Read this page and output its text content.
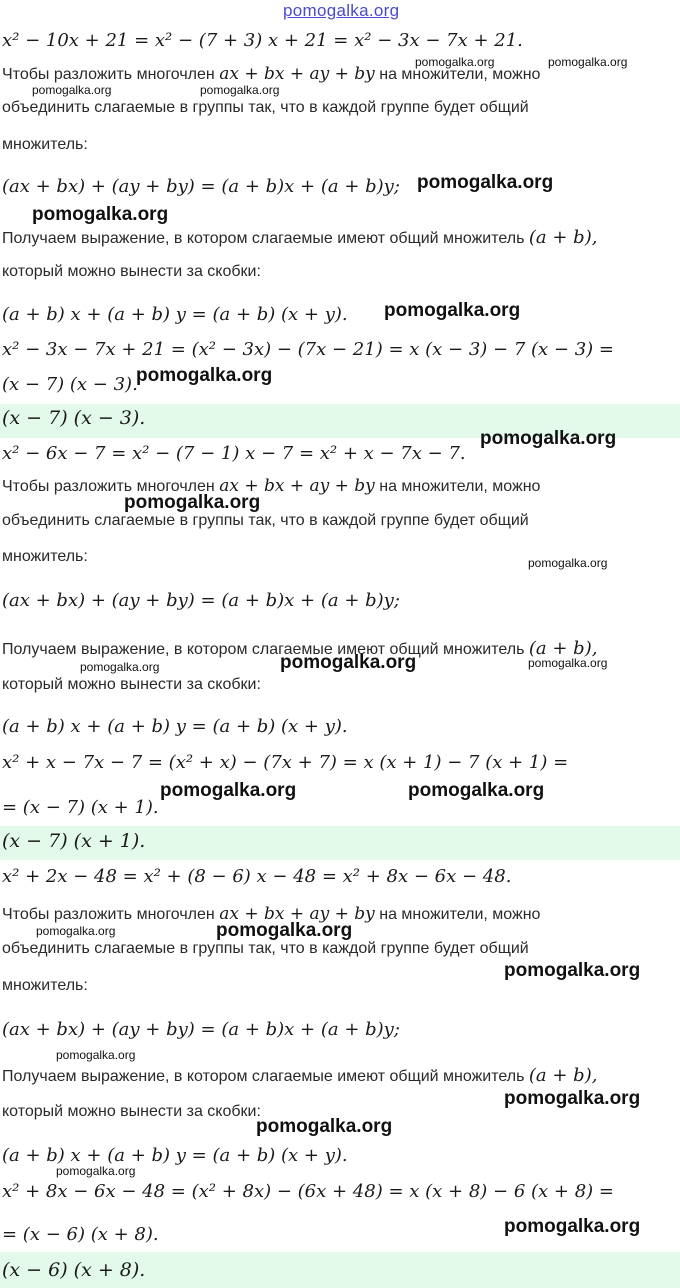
pomogalka.org
x² − 10x + 21 = x² − (7 + 3) x + 21 = x² − 3x − 7x + 21.
Чтобы разложить многочлен ax + bx + ay + by на множители, можно
объединить слагаемые в группы так, что в каждой группе будет общий
множитель:
(ax + bx) + (ay + by) = (a + b)x + (a + b)y;
Получаем выражение, в котором слагаемые имеют общий множитель (a + b),
который можно вынести за скобки:
(a + b) x + (a + b) y = (a + b) (x + y).
x² − 3x − 7x + 21 = (x² − 3x) − (7x − 21) = x (x − 3) − 7 (x − 3) =
(x − 7) (x − 3).
(x − 7) (x − 3).
x² − 6x − 7 = x² − (7 − 1) x − 7 = x² + x − 7x − 7.
Чтобы разложить многочлен ax + bx + ay + by на множители, можно
объединить слагаемые в группы так, что в каждой группе будет общий
множитель:
(ax + bx) + (ay + by) = (a + b)x + (a + b)y;
Получаем выражение, в котором слагаемые имеют общий множитель (a + b),
который можно вынести за скобки:
(a + b) x + (a + b) y = (a + b) (x + y).
x² + x − 7x − 7 = (x² + x) − (7x + 7) = x (x + 1) − 7 (x + 1) =
= (x − 7) (x + 1).
(x − 7) (x + 1).
x² + 2x − 48 = x² + (8 − 6) x − 48 = x² + 8x − 6x − 48.
Чтобы разложить многочлен ax + bx + ay + by на множители, можно
объединить слагаемые в группы так, что в каждой группе будет общий
множитель:
(ax + bx) + (ay + by) = (a + b)x + (a + b)y;
Получаем выражение, в котором слагаемые имеют общий множитель (a + b),
который можно вынести за скобки:
(a + b) x + (a + b) y = (a + b) (x + y).
x² + 8x − 6x − 48 = (x² + 8x) − (6x + 48) = x (x + 8) − 6 (x + 8) =
= (x − 6) (x + 8).
(x − 6) (x + 8).
pomogalka.org	pomogalka.org
pomogalka.org	pomogalka.org
pomogalka.org
pomogalka.org
pomogalka.org
pomogalka.org
pomogalka.org
pomogalka.org
pomogalka.org
pomogalka.org
pomogalka.org	pomogalka.org
pomogalka.org	pomogalka.org
pomogalka.org
pomogalka.org
pomogalka.org
pomogalka.org
pomogalka.org
pomogalka.org
pomogalka.org
pomogalka.org
